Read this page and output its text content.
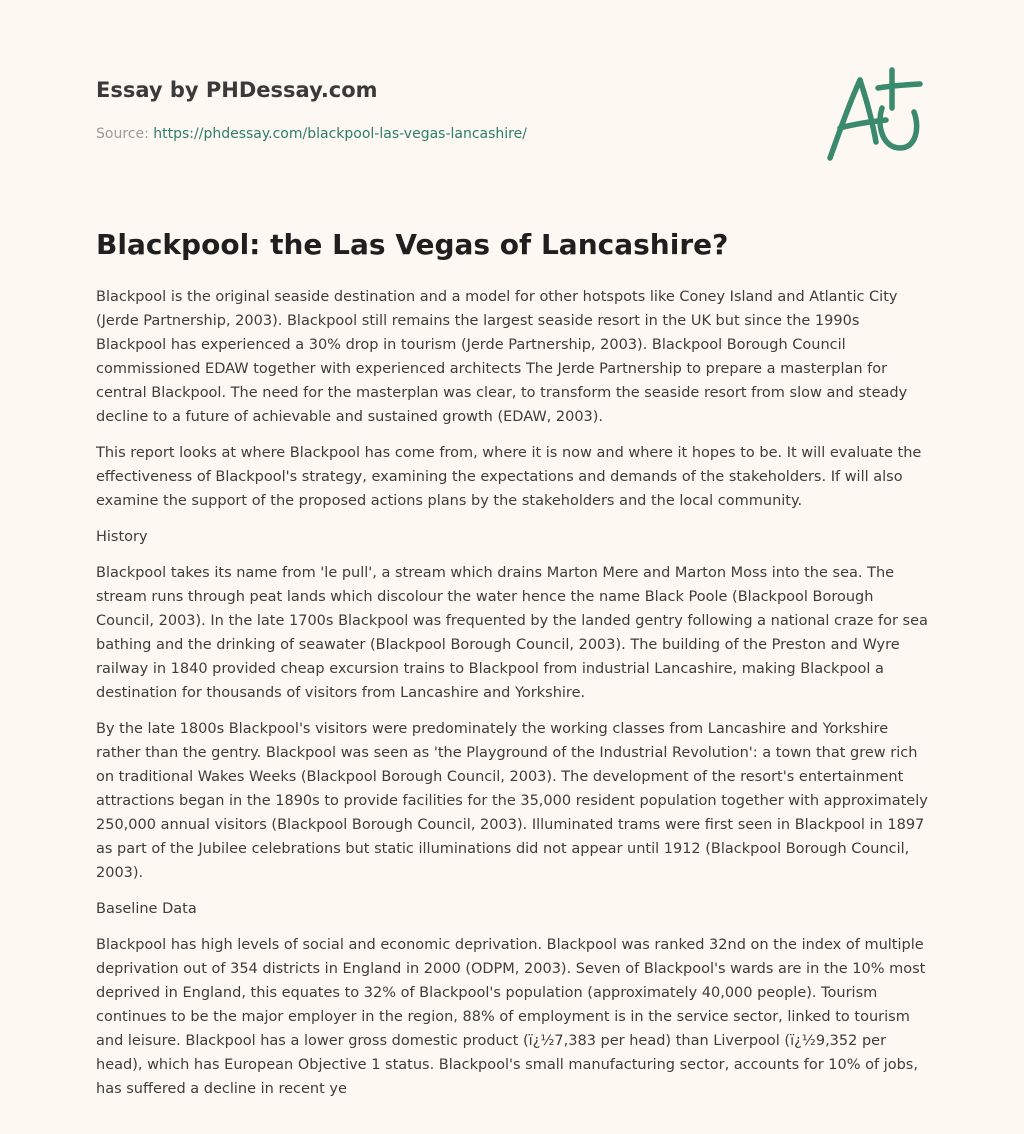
Essay by PHDessay.com
Source: https://phdessay.com/blackpool-las-vegas-lancashire/
Blackpool: the Las Vegas of Lancashire?

Blackpool is the original seaside destination and a model for other hotspots like Coney Island and Atlantic City (Jerde Partnership, 2003). Blackpool still remains the largest seaside resort in the UK but since the 1990s Blackpool has experienced a 30% drop in tourism (Jerde Partnership, 2003). Blackpool Borough Council commissioned EDAW together with experienced architects The Jerde Partnership to prepare a masterplan for central Blackpool. The need for the masterplan was clear, to transform the seaside resort from slow and steady decline to a future of achievable and sustained growth (EDAW, 2003).

This report looks at where Blackpool has come from, where it is now and where it hopes to be. It will evaluate the effectiveness of Blackpool's strategy, examining the expectations and demands of the stakeholders. If will also examine the support of the proposed actions plans by the stakeholders and the local community.

History

Blackpool takes its name from 'le pull', a stream which drains Marton Mere and Marton Moss into the sea. The stream runs through peat lands which discolour the water hence the name Black Poole (Blackpool Borough Council, 2003). In the late 1700s Blackpool was frequented by the landed gentry following a national craze for sea bathing and the drinking of seawater (Blackpool Borough Council, 2003). The building of the Preston and Wyre railway in 1840 provided cheap excursion trains to Blackpool from industrial Lancashire, making Blackpool a destination for thousands of visitors from Lancashire and Yorkshire.

By the late 1800s Blackpool's visitors were predominately the working classes from Lancashire and Yorkshire rather than the gentry. Blackpool was seen as 'the Playground of the Industrial Revolution': a town that grew rich on traditional Wakes Weeks (Blackpool Borough Council, 2003). The development of the resort's entertainment attractions began in the 1890s to provide facilities for the 35,000 resident population together with approximately 250,000 annual visitors (Blackpool Borough Council, 2003). Illuminated trams were first seen in Blackpool in 1897 as part of the Jubilee celebrations but static illuminations did not appear until 1912 (Blackpool Borough Council, 2003).

Baseline Data

Blackpool has high levels of social and economic deprivation. Blackpool was ranked 32nd on the index of multiple deprivation out of 354 districts in England in 2000 (ODPM, 2003). Seven of Blackpool's wards are in the 10% most deprived in England, this equates to 32% of Blackpool's population (approximately 40,000 people). Tourism continues to be the major employer in the region, 88% of employment is in the service sector, linked to tourism and leisure. Blackpool has a lower gross domestic product (ï¿½7,383 per head) than Liverpool (ï¿½9,352 per head), which has European Objective 1 status. Blackpool's small manufacturing sector, accounts for 10% of jobs, has suffered a decline in recent ye
